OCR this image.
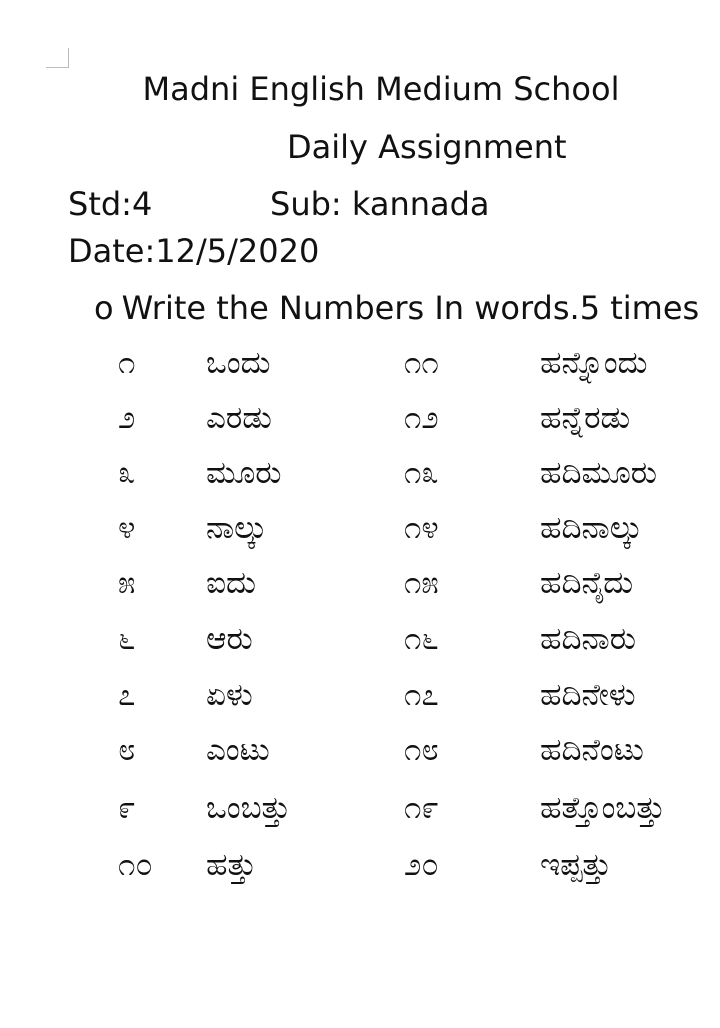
Madni English Medium School
Daily Assignment
Std:4	Sub: kannada
Date:12/5/2020
o Write the Numbers In words.5 times
೧ ಒಂದು	೧೧	ಹನ್ನೊಂದು
೨ ಎರಡು	೧೨	ಹನ್ನೆರಡು
೩ ಮೂರು	೧೩	ಹದಿಮೂರು
೪ ನಾಲ್ಕು	೧೪	ಹದಿನಾಲ್ಕು
೫ ಐದು	೧೫	ಹದಿನೈದು
೬ ಆರು	೧೬	ಹದಿನಾರು
೭ ಏಳು	೧೭	ಹದಿನೇಳು
೮ ಎಂಟು	೧೮	ಹದಿನೆಂಟು
೯ ಒಂಬತ್ತು	೧೯	ಹತ್ತೊಂಬತ್ತು
೧೦ ಹತ್ತು	೨೦	ಇಪ್ಪತ್ತು
